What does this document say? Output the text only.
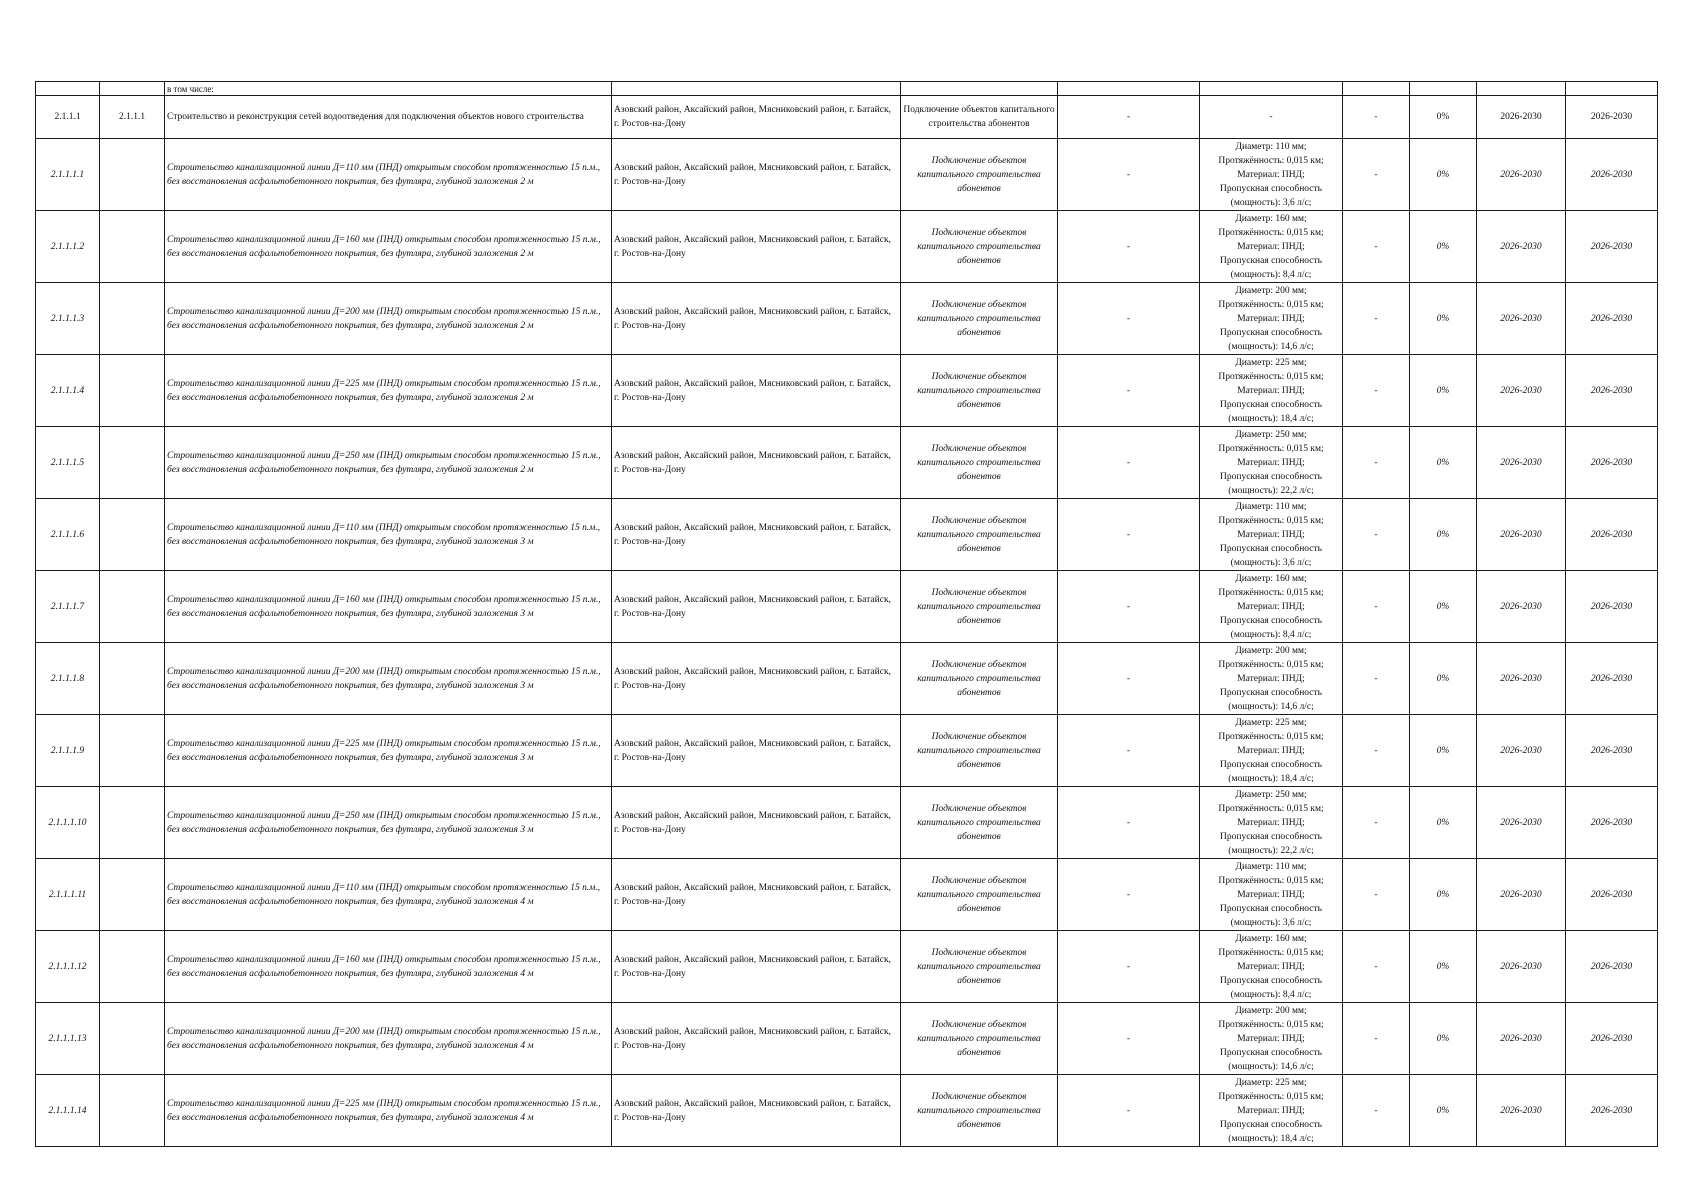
		в том числе:								
2.1.1.1	2.1.1.1	Строительство и реконструкция сетей водоотведения для подключения объектов нового строительства	Азовский район, Аксайский район, Мясниковский район, г. Батайск, г. Ростов-на-Дону	Подключение объектов капитального строительства абонентов	-	-	-	0%	2026-2030	2026-2030
2.1.1.1.1		Строительство канализационной линии Д=110 мм (ПНД) открытым способом протяженностью 15 п.м., без восстановления асфальтобетонного покрытия, без футляра, глубиной заложения 2 м	Азовский район, Аксайский район, Мясниковский район, г. Батайск, г. Ростов-на-Дону	Подключение объектов капитального строительства абонентов	-	Диаметр: 110 мм;
Протяжённость: 0,015 км;
Материал: ПНД;
Пропускная способность
(мощность): 3,6 л/с;	-	0%	2026-2030	2026-2030
2.1.1.1.2		Строительство канализационной линии Д=160 мм (ПНД) открытым способом протяженностью 15 п.м., без восстановления асфальтобетонного покрытия, без футляра, глубиной заложения 2 м	Азовский район, Аксайский район, Мясниковский район, г. Батайск, г. Ростов-на-Дону	Подключение объектов капитального строительства абонентов	-	Диаметр: 160 мм;
Протяжённость: 0,015 км;
Материал: ПНД;
Пропускная способность
(мощность): 8,4 л/с;	-	0%	2026-2030	2026-2030
2.1.1.1.3		Строительство канализационной линии Д=200 мм (ПНД) открытым способом протяженностью 15 п.м., без восстановления асфальтобетонного покрытия, без футляра, глубиной заложения 2 м	Азовский район, Аксайский район, Мясниковский район, г. Батайск, г. Ростов-на-Дону	Подключение объектов капитального строительства абонентов	-	Диаметр: 200 мм;
Протяжённость: 0,015 км;
Материал: ПНД;
Пропускная способность
(мощность): 14,6 л/с;	-	0%	2026-2030	2026-2030
2.1.1.1.4		Строительство канализационной линии Д=225 мм (ПНД) открытым способом протяженностью 15 п.м., без восстановления асфальтобетонного покрытия, без футляра, глубиной заложения 2 м	Азовский район, Аксайский район, Мясниковский район, г. Батайск, г. Ростов-на-Дону	Подключение объектов капитального строительства абонентов	-	Диаметр: 225 мм;
Протяжённость: 0,015 км;
Материал: ПНД;
Пропускная способность
(мощность): 18,4 л/с;	-	0%	2026-2030	2026-2030
2.1.1.1.5		Строительство канализационной линии Д=250 мм (ПНД) открытым способом протяженностью 15 п.м., без восстановления асфальтобетонного покрытия, без футляра, глубиной заложения 2 м	Азовский район, Аксайский район, Мясниковский район, г. Батайск, г. Ростов-на-Дону	Подключение объектов капитального строительства абонентов	-	Диаметр: 250 мм;
Протяжённость: 0,015 км;
Материал: ПНД;
Пропускная способность
(мощность): 22,2 л/с;	-	0%	2026-2030	2026-2030
2.1.1.1.6		Строительство канализационной линии Д=110 мм (ПНД) открытым способом протяженностью 15 п.м., без восстановления асфальтобетонного покрытия, без футляра, глубиной заложения 3 м	Азовский район, Аксайский район, Мясниковский район, г. Батайск, г. Ростов-на-Дону	Подключение объектов капитального строительства абонентов	-	Диаметр: 110 мм;
Протяжённость: 0,015 км;
Материал: ПНД;
Пропускная способность
(мощность): 3,6 л/с;	-	0%	2026-2030	2026-2030
2.1.1.1.7		Строительство канализационной линии Д=160 мм (ПНД) открытым способом протяженностью 15 п.м., без восстановления асфальтобетонного покрытия, без футляра, глубиной заложения 3 м	Азовский район, Аксайский район, Мясниковский район, г. Батайск, г. Ростов-на-Дону	Подключение объектов капитального строительства абонентов	-	Диаметр: 160 мм;
Протяжённость: 0,015 км;
Материал: ПНД;
Пропускная способность
(мощность): 8,4 л/с;	-	0%	2026-2030	2026-2030
2.1.1.1.8		Строительство канализационной линии Д=200 мм (ПНД) открытым способом протяженностью 15 п.м., без восстановления асфальтобетонного покрытия, без футляра, глубиной заложения 3 м	Азовский район, Аксайский район, Мясниковский район, г. Батайск, г. Ростов-на-Дону	Подключение объектов капитального строительства абонентов	-	Диаметр: 200 мм;
Протяжённость: 0,015 км;
Материал: ПНД;
Пропускная способность
(мощность): 14,6 л/с;	-	0%	2026-2030	2026-2030
2.1.1.1.9		Строительство канализационной линии Д=225 мм (ПНД) открытым способом протяженностью 15 п.м., без восстановления асфальтобетонного покрытия, без футляра, глубиной заложения 3 м	Азовский район, Аксайский район, Мясниковский район, г. Батайск, г. Ростов-на-Дону	Подключение объектов капитального строительства абонентов	-	Диаметр: 225 мм;
Протяжённость: 0,015 км;
Материал: ПНД;
Пропускная способность
(мощность): 18,4 л/с;	-	0%	2026-2030	2026-2030
2.1.1.1.10		Строительство канализационной линии Д=250 мм (ПНД) открытым способом протяженностью 15 п.м., без восстановления асфальтобетонного покрытия, без футляра, глубиной заложения 3 м	Азовский район, Аксайский район, Мясниковский район, г. Батайск, г. Ростов-на-Дону	Подключение объектов капитального строительства абонентов	-	Диаметр: 250 мм;
Протяжённость: 0,015 км;
Материал: ПНД;
Пропускная способность
(мощность): 22,2 л/с;	-	0%	2026-2030	2026-2030
2.1.1.1.11		Строительство канализационной линии Д=110 мм (ПНД) открытым способом протяженностью 15 п.м., без восстановления асфальтобетонного покрытия, без футляра, глубиной заложения 4 м	Азовский район, Аксайский район, Мясниковский район, г. Батайск, г. Ростов-на-Дону	Подключение объектов капитального строительства абонентов	-	Диаметр: 110 мм;
Протяжённость: 0,015 км;
Материал: ПНД;
Пропускная способность
(мощность): 3,6 л/с;	-	0%	2026-2030	2026-2030
2.1.1.1.12		Строительство канализационной линии Д=160 мм (ПНД) открытым способом протяженностью 15 п.м., без восстановления асфальтобетонного покрытия, без футляра, глубиной заложения 4 м	Азовский район, Аксайский район, Мясниковский район, г. Батайск, г. Ростов-на-Дону	Подключение объектов капитального строительства абонентов	-	Диаметр: 160 мм;
Протяжённость: 0,015 км;
Материал: ПНД;
Пропускная способность
(мощность): 8,4 л/с;	-	0%	2026-2030	2026-2030
2.1.1.1.13		Строительство канализационной линии Д=200 мм (ПНД) открытым способом протяженностью 15 п.м., без восстановления асфальтобетонного покрытия, без футляра, глубиной заложения 4 м	Азовский район, Аксайский район, Мясниковский район, г. Батайск, г. Ростов-на-Дону	Подключение объектов капитального строительства абонентов	-	Диаметр: 200 мм;
Протяжённость: 0,015 км;
Материал: ПНД;
Пропускная способность
(мощность): 14,6 л/с;	-	0%	2026-2030	2026-2030
2.1.1.1.14		Строительство канализационной линии Д=225 мм (ПНД) открытым способом протяженностью 15 п.м., без восстановления асфальтобетонного покрытия, без футляра, глубиной заложения 4 м	Азовский район, Аксайский район, Мясниковский район, г. Батайск, г. Ростов-на-Дону	Подключение объектов капитального строительства абонентов	-	Диаметр: 225 мм;
Протяжённость: 0,015 км;
Материал: ПНД;
Пропускная способность
(мощность): 18,4 л/с;	-	0%	2026-2030	2026-2030
